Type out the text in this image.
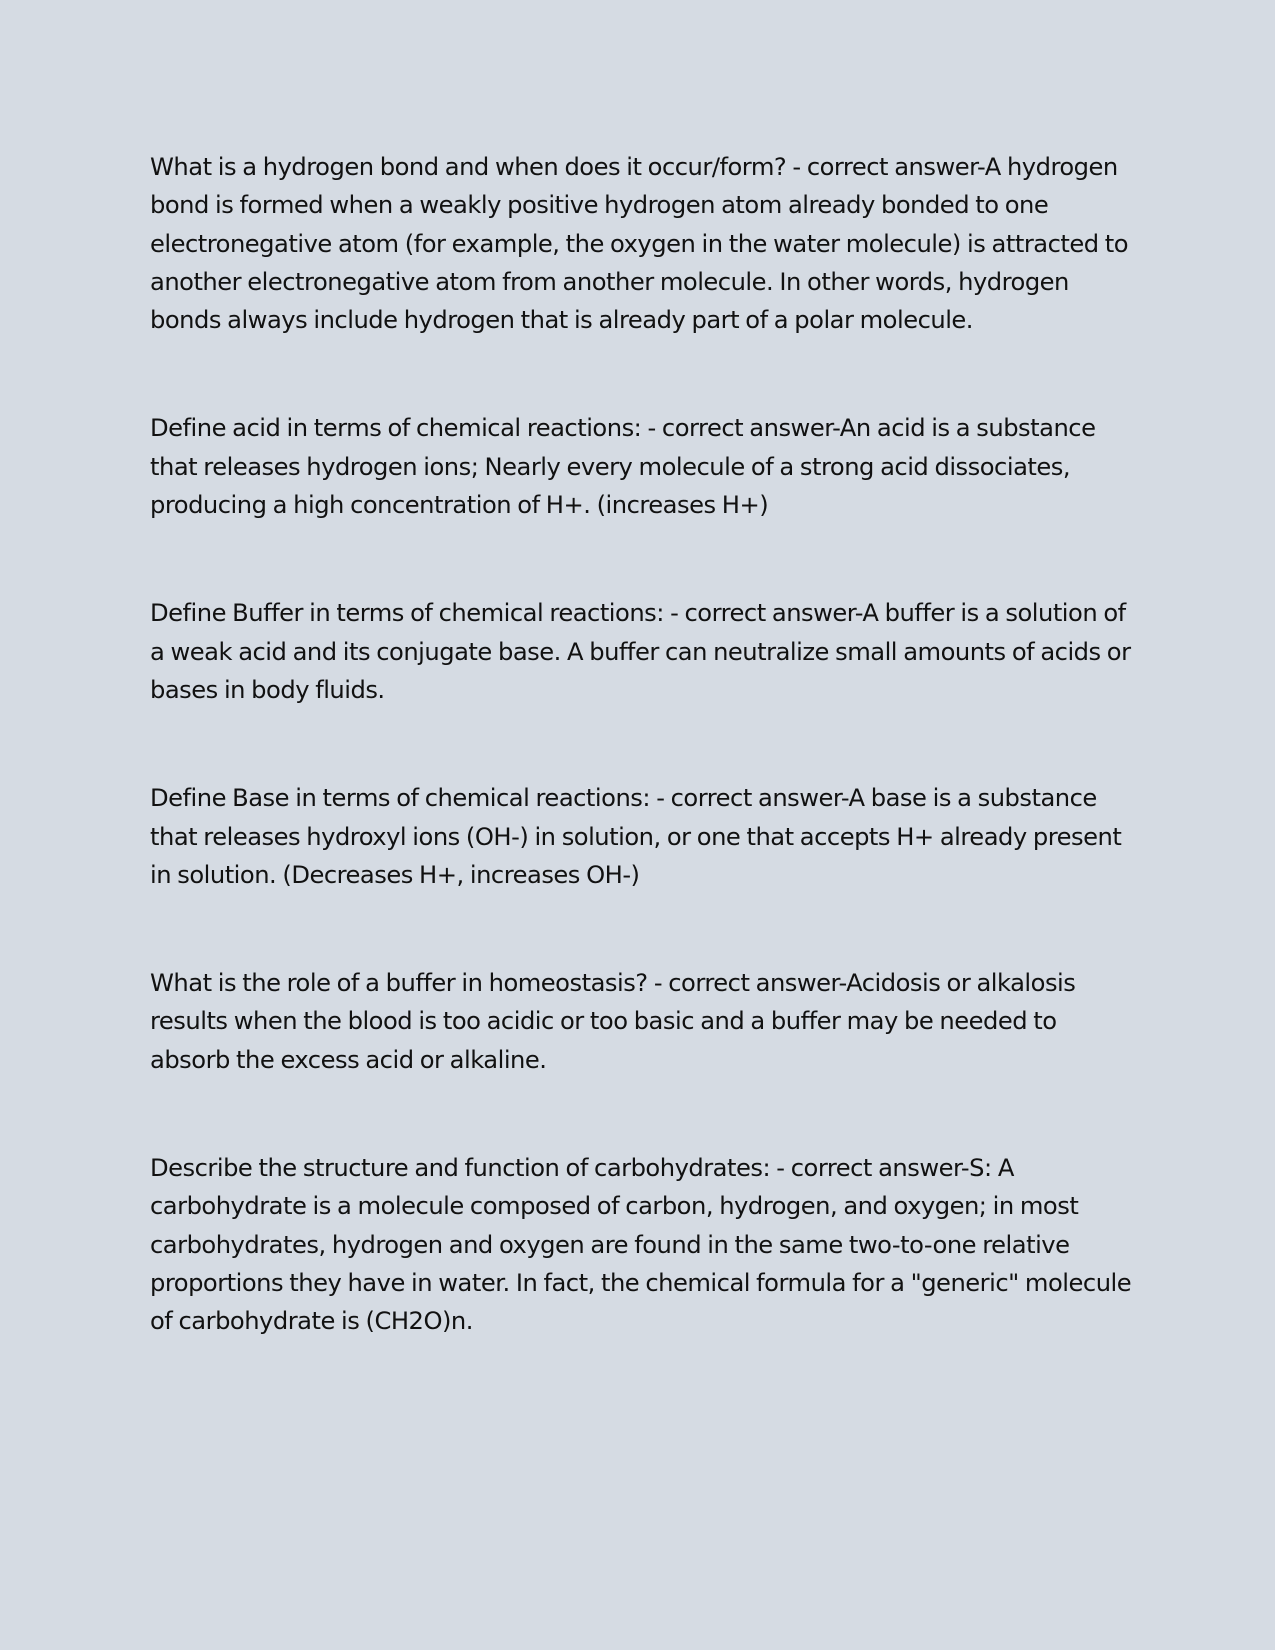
What is a hydrogen bond and when does it occur/form? - correct answer-A hydrogen bond is formed when a weakly positive hydrogen atom already bonded to one electronegative atom (for example, the oxygen in the water molecule) is attracted to another electronegative atom from another molecule. In other words, hydrogen bonds always include hydrogen that is already part of a polar molecule.

Define acid in terms of chemical reactions: - correct answer-An acid is a substance that releases hydrogen ions; Nearly every molecule of a strong acid dissociates, producing a high concentration of H+. (increases H+)

Define Buffer in terms of chemical reactions: - correct answer-A buffer is a solution of a weak acid and its conjugate base. A buffer can neutralize small amounts of acids or bases in body fluids.

Define Base in terms of chemical reactions: - correct answer-A base is a substance that releases hydroxyl ions (OH-) in solution, or one that accepts H+ already present in solution. (Decreases H+, increases OH-)

What is the role of a buffer in homeostasis? - correct answer-Acidosis or alkalosis results when the blood is too acidic or too basic and a buffer may be needed to absorb the excess acid or alkaline.

Describe the structure and function of carbohydrates: - correct answer-S: A carbohydrate is a molecule composed of carbon, hydrogen, and oxygen; in most carbohydrates, hydrogen and oxygen are found in the same two-to-one relative proportions they have in water. In fact, the chemical formula for a "generic" molecule of carbohydrate is (CH2O)n.
